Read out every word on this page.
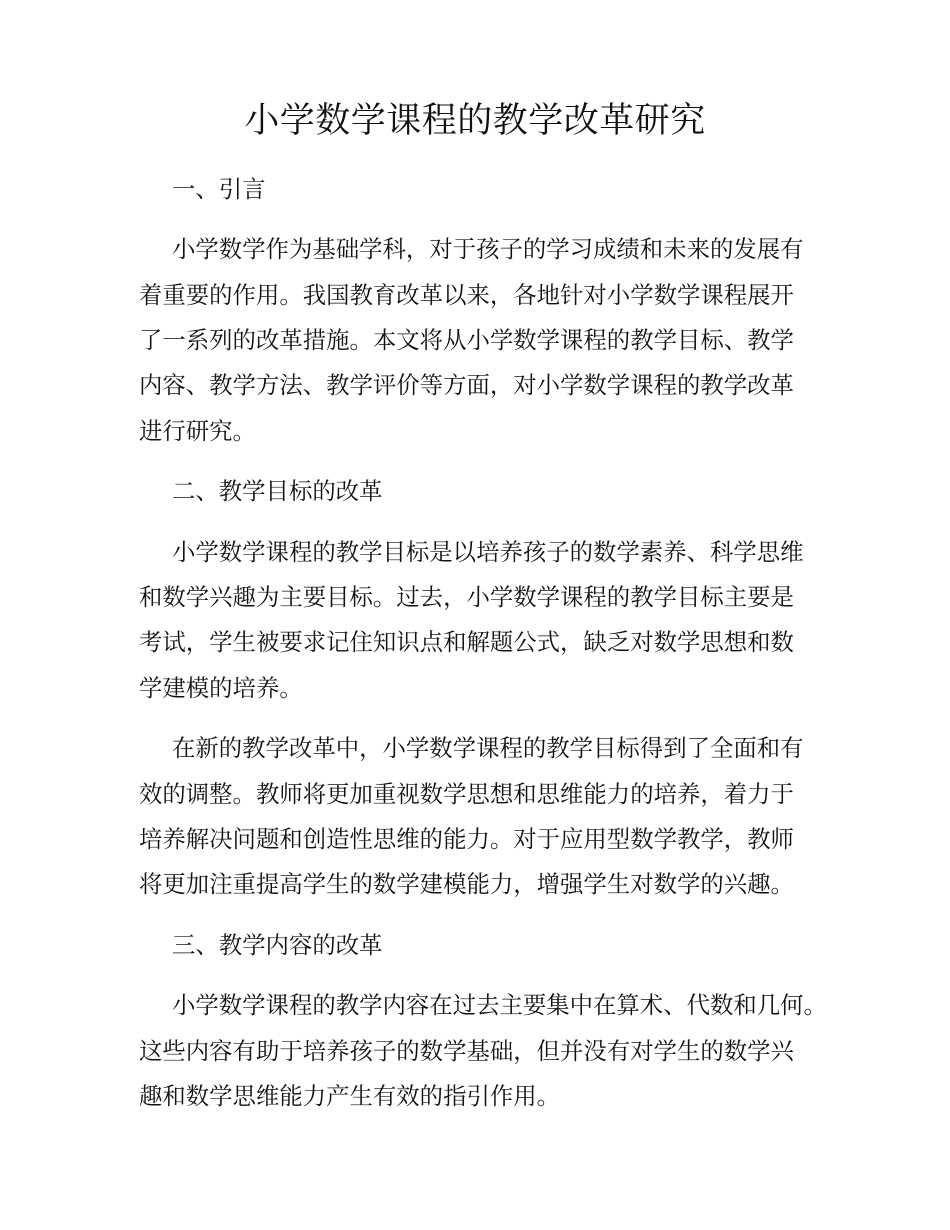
小学数学课程的教学改革研究
一、引言
小学数学作为基础学科，对于孩子的学习成绩和未来的发展有
着重要的作用。我国教育改革以来，各地针对小学数学课程展开
了一系列的改革措施。本文将从小学数学课程的教学目标、教学
内容、教学方法、教学评价等方面，对小学数学课程的教学改革
进行研究。
二、教学目标的改革
小学数学课程的教学目标是以培养孩子的数学素养、科学思维
和数学兴趣为主要目标。过去，小学数学课程的教学目标主要是
考试，学生被要求记住知识点和解题公式，缺乏对数学思想和数
学建模的培养。
在新的教学改革中，小学数学课程的教学目标得到了全面和有
效的调整。教师将更加重视数学思想和思维能力的培养，着力于
培养解决问题和创造性思维的能力。对于应用型数学教学，教师
将更加注重提高学生的数学建模能力，增强学生对数学的兴趣。
三、教学内容的改革
小学数学课程的教学内容在过去主要集中在算术、代数和几何。
这些内容有助于培养孩子的数学基础，但并没有对学生的数学兴
趣和数学思维能力产生有效的指引作用。
